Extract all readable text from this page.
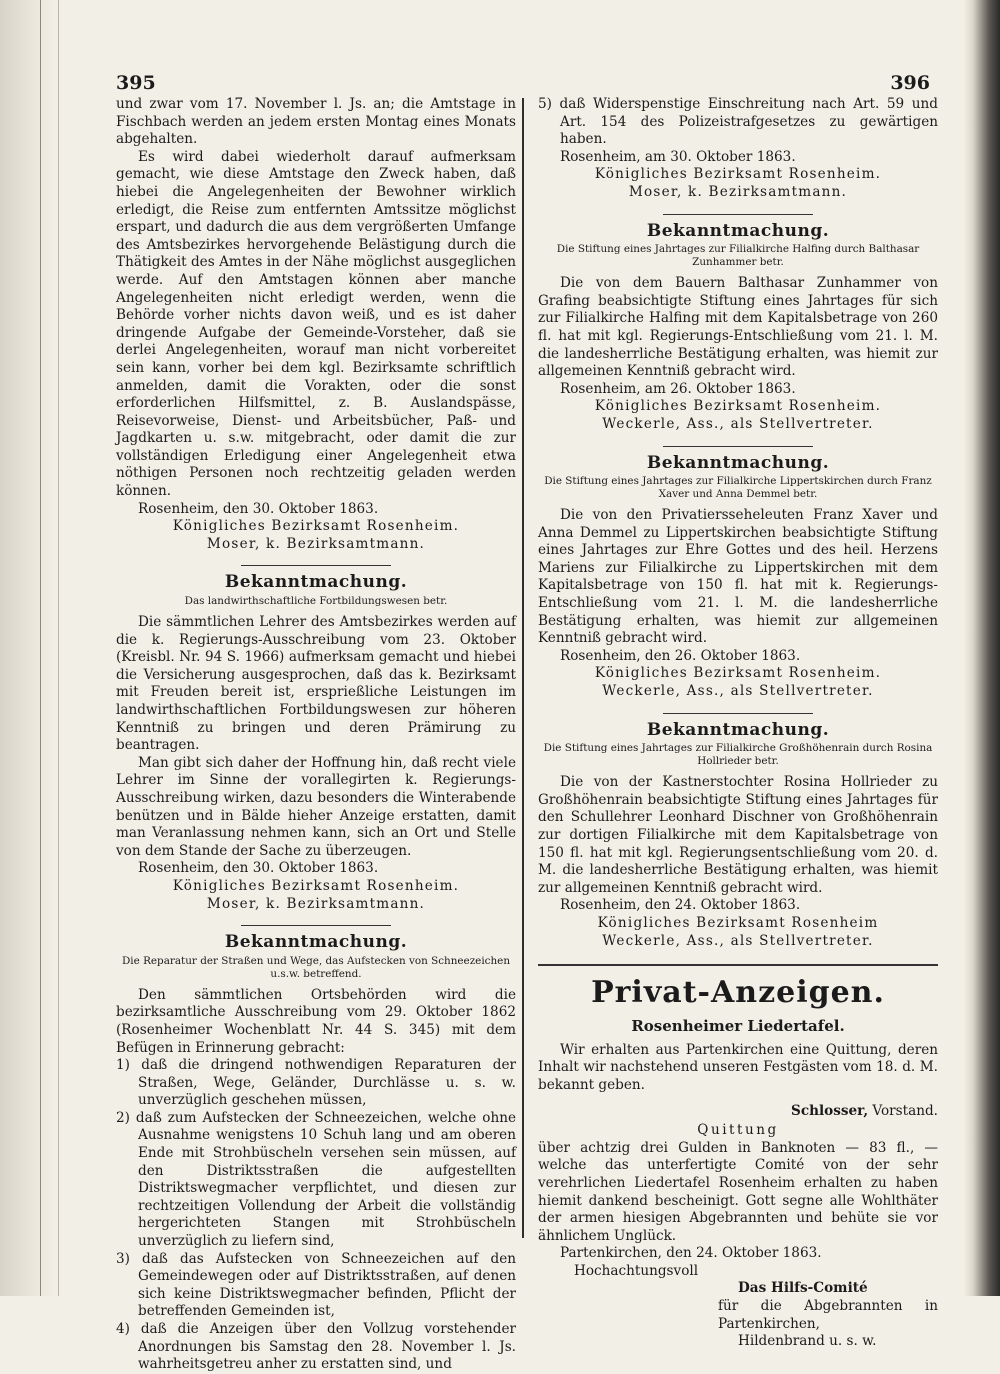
395	396

und zwar vom 17. November l. Js. an; die Amtstage in Fischbach werden an jedem ersten Montag eines Monats abgehalten.

Es wird dabei wiederholt darauf aufmerksam gemacht, wie diese Amtstage den Zweck haben, daß hiebei die Angelegenheiten der Bewohner wirklich erledigt, die Reise zum entfernten Amtssitze möglichst erspart, und dadurch die aus dem vergrößerten Umfange des Amtsbezirkes hervorgehende Belästigung durch die Thätigkeit des Amtes in der Nähe möglichst ausgeglichen werde. Auf den Amtstagen können aber manche Angelegenheiten nicht erledigt werden, wenn die Behörde vorher nichts davon weiß, und es ist daher dringende Aufgabe der Gemeinde-Vorsteher, daß sie derlei Angelegenheiten, worauf man nicht vorbereitet sein kann, vorher bei dem kgl. Bezirksamte schriftlich anmelden, damit die Vorakten, oder die sonst erforderlichen Hilfsmittel, z. B. Auslandspässe, Reisevorweise, Dienst- und Arbeitsbücher, Paß- und Jagdkarten u. s.w. mitgebracht, oder damit die zur vollständigen Erledigung einer Angelegenheit etwa nöthigen Personen noch rechtzeitig geladen werden können.

Rosenheim, den 30. Oktober 1863.

Königliches Bezirksamt Rosenheim.

Moser, k. Bezirksamtmann.

Bekanntmachung.

Das landwirthschaftliche Fortbildungswesen betr.

Die sämmtlichen Lehrer des Amtsbezirkes werden auf die k. Regierungs-Ausschreibung vom 23. Oktober (Kreisbl. Nr. 94 S. 1966) aufmerksam gemacht und hiebei die Versicherung ausgesprochen, daß das k. Bezirksamt mit Freuden bereit ist, ersprießliche Leistungen im landwirthschaftlichen Fortbildungswesen zur höheren Kenntniß zu bringen und deren Prämirung zu beantragen.

Man gibt sich daher der Hoffnung hin, daß recht viele Lehrer im Sinne der vorallegirten k. Regierungs-Ausschreibung wirken, dazu besonders die Winterabende benützen und in Bälde hieher Anzeige erstatten, damit man Veranlassung nehmen kann, sich an Ort und Stelle von dem Stande der Sache zu überzeugen.

Rosenheim, den 30. Oktober 1863.

Königliches Bezirksamt Rosenheim.

Moser, k. Bezirksamtmann.

Bekanntmachung.

Die Reparatur der Straßen und Wege, das Aufstecken von Schneezeichen u.s.w. betreffend.

Den sämmtlichen Ortsbehörden wird die bezirksamtliche Ausschreibung vom 29. Oktober 1862 (Rosenheimer Wochenblatt Nr. 44 S. 345) mit dem Befügen in Erinnerung gebracht:

1) daß die dringend nothwendigen Reparaturen der Straßen, Wege, Geländer, Durchlässe u. s. w. unverzüglich geschehen müssen,

2) daß zum Aufstecken der Schneezeichen, welche ohne Ausnahme wenigstens 10 Schuh lang und am oberen Ende mit Strohbüscheln versehen sein müssen, auf den Distriktsstraßen die aufgestellten Distriktswegmacher verpflichtet, und diesen zur rechtzeitigen Vollendung der Arbeit die vollständig hergerichteten Stangen mit Strohbüscheln unverzüglich zu liefern sind,

3) daß das Aufstecken von Schneezeichen auf den Gemeindewegen oder auf Distriktsstraßen, auf denen sich keine Distriktswegmacher befinden, Pflicht der betreffenden Gemeinden ist,

4) daß die Anzeigen über den Vollzug vorstehender Anordnungen bis Samstag den 28. November l. Js. wahrheitsgetreu anher zu erstatten sind, und

5) daß Widerspenstige Einschreitung nach Art. 59 und Art. 154 des Polizeistrafgesetzes zu gewärtigen haben.

Rosenheim, am 30. Oktober 1863.

Königliches Bezirksamt Rosenheim.

Moser, k. Bezirksamtmann.

Bekanntmachung.

Die Stiftung eines Jahrtages zur Filialkirche Halfing durch Balthasar Zunhammer betr.

Die von dem Bauern Balthasar Zunhammer von Grafing beabsichtigte Stiftung eines Jahrtages für sich zur Filialkirche Halfing mit dem Kapitalsbetrage von 260 fl. hat mit kgl. Regierungs-Entschließung vom 21. l. M. die landesherrliche Bestätigung erhalten, was hiemit zur allgemeinen Kenntniß gebracht wird.

Rosenheim, am 26. Oktober 1863.

Königliches Bezirksamt Rosenheim.

Weckerle, Ass., als Stellvertreter.

Bekanntmachung.

Die Stiftung eines Jahrtages zur Filialkirche Lippertskirchen durch Franz Xaver und Anna Demmel betr.

Die von den Privatiersseheleuten Franz Xaver und Anna Demmel zu Lippertskirchen beabsichtigte Stiftung eines Jahrtages zur Ehre Gottes und des heil. Herzens Mariens zur Filialkirche zu Lippertskirchen mit dem Kapitalsbetrage von 150 fl. hat mit k. Regierungs-Entschließung vom 21. l. M. die landesherrliche Bestätigung erhalten, was hiemit zur allgemeinen Kenntniß gebracht wird.

Rosenheim, den 26. Oktober 1863.

Königliches Bezirksamt Rosenheim.

Weckerle, Ass., als Stellvertreter.

Bekanntmachung.

Die Stiftung eines Jahrtages zur Filialkirche Großhöhenrain durch Rosina Hollrieder betr.

Die von der Kastnerstochter Rosina Hollrieder zu Großhöhenrain beabsichtigte Stiftung eines Jahrtages für den Schullehrer Leonhard Dischner von Großhöhenrain zur dortigen Filialkirche mit dem Kapitalsbetrage von 150 fl. hat mit kgl. Regierungsentschließung vom 20. d. M. die landesherrliche Bestätigung erhalten, was hiemit zur allgemeinen Kenntniß gebracht wird.

Rosenheim, den 24. Oktober 1863.

Königliches Bezirksamt Rosenheim

Weckerle, Ass., als Stellvertreter.

Privat-Anzeigen.

Rosenheimer Liedertafel.

Wir erhalten aus Partenkirchen eine Quittung, deren Inhalt wir nachstehend unseren Festgästen vom 18. d. M. bekannt geben.

Schlosser, Vorstand.

Quittung

über achtzig drei Gulden in Banknoten — 83 fl., — welche das unterfertigte Comité von der sehr verehrlichen Liedertafel Rosenheim erhalten zu haben hiemit dankend bescheinigt. Gott segne alle Wohlthäter der armen hiesigen Abgebrannten und behüte sie vor ähnlichem Unglück.

Partenkirchen, den 24. Oktober 1863.

Hochachtungsvoll

Das Hilfs-Comité

für die Abgebrannten in Partenkirchen,

Hildenbrand u. s. w.
